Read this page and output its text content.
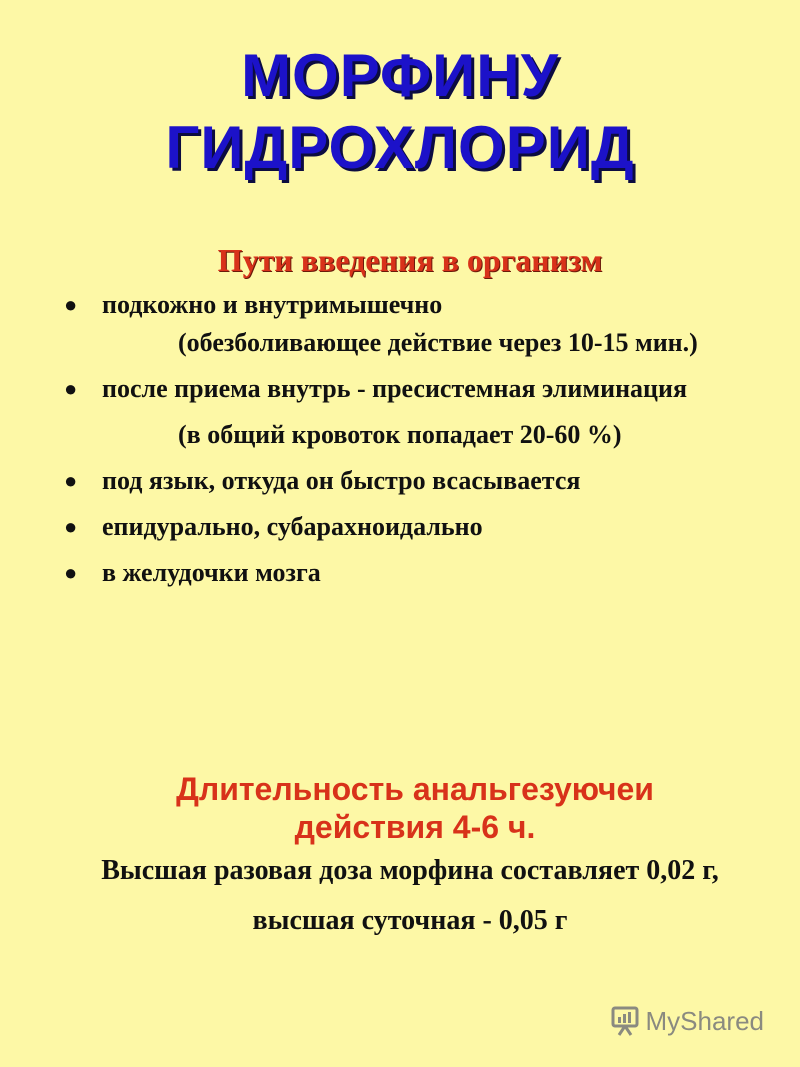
МОРФИНУ
ГИДРОХЛОРИД
Пути введения в организм
● подкожно и внутримышечно
(обезболивающее действие через 10-15 мин.)
● после приема внутрь - пресистемная элиминация
(в общий кровоток попадает 20-60 %)
● под язык, откуда он быстро всасывается
● епидурально, субарахноидально
● в желудочки мозга
Длительность анальгезуючеи действия 4-6 ч.
Высшая разовая доза морфина составляет 0,02 г,
высшая суточная - 0,05 г
MyShared
